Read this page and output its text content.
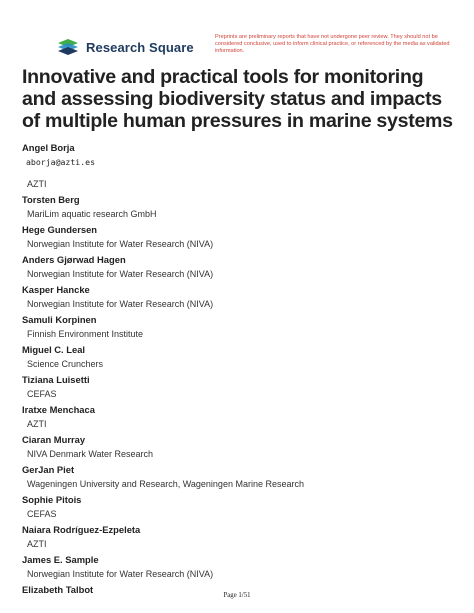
Research Square
Preprints are preliminary reports that have not undergone peer review. They should not be considered conclusive, used to inform clinical practice, or referenced by the media as validated information.
Innovative and practical tools for monitoring and assessing biodiversity status and impacts of multiple human pressures in marine systems
Angel Borja
aborja@azti.es
AZTI
Torsten Berg
MariLim aquatic research GmbH
Hege Gundersen
Norwegian Institute for Water Research (NIVA)
Anders Gjørwad Hagen
Norwegian Institute for Water Research (NIVA)
Kasper Hancke
Norwegian Institute for Water Research (NIVA)
Samuli Korpinen
Finnish Environment Institute
Miguel C. Leal
Science Crunchers
Tiziana Luisetti
CEFAS
Iratxe Menchaca
AZTI
Ciaran Murray
NIVA Denmark Water Research
GerJan Piet
Wageningen University and Research, Wageningen Marine Research
Sophie Pitois
CEFAS
Naiara Rodríguez-Ezpeleta
AZTI
James E. Sample
Norwegian Institute for Water Research (NIVA)
Elizabeth Talbot
Page 1/51
